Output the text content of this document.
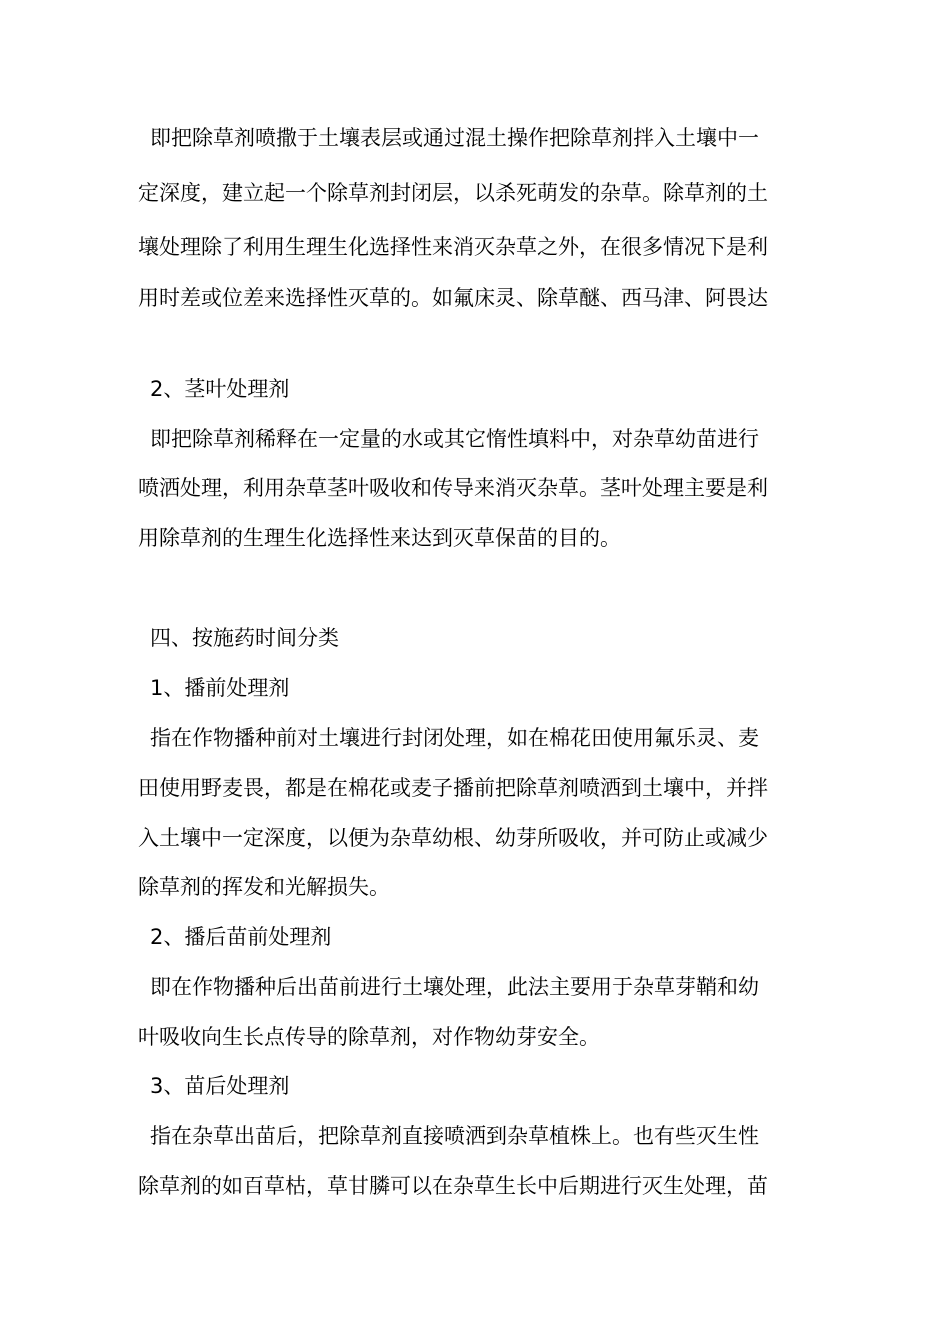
即把除草剂喷撒于土壤表层或通过混土操作把除草剂拌入土壤中一
定深度，建立起一个除草剂封闭层，以杀死萌发的杂草。除草剂的土
壤处理除了利用生理生化选择性来消灭杂草之外，在很多情况下是利
用时差或位差来选择性灭草的。如氟床灵、除草醚、西马津、阿畏达
2、茎叶处理剂
即把除草剂稀释在一定量的水或其它惰性填料中，对杂草幼苗进行
喷洒处理，利用杂草茎叶吸收和传导来消灭杂草。茎叶处理主要是利
用除草剂的生理生化选择性来达到灭草保苗的目的。
四、按施药时间分类
1、播前处理剂
指在作物播种前对土壤进行封闭处理，如在棉花田使用氟乐灵、麦
田使用野麦畏，都是在棉花或麦子播前把除草剂喷洒到土壤中，并拌
入土壤中一定深度，以便为杂草幼根、幼芽所吸收，并可防止或减少
除草剂的挥发和光解损失。
2、播后苗前处理剂
即在作物播种后出苗前进行土壤处理，此法主要用于杂草芽鞘和幼
叶吸收向生长点传导的除草剂，对作物幼芽安全。
3、苗后处理剂
指在杂草出苗后，把除草剂直接喷洒到杂草植株上。也有些灭生性
除草剂的如百草枯，草甘膦可以在杂草生长中后期进行灭生处理，苗
